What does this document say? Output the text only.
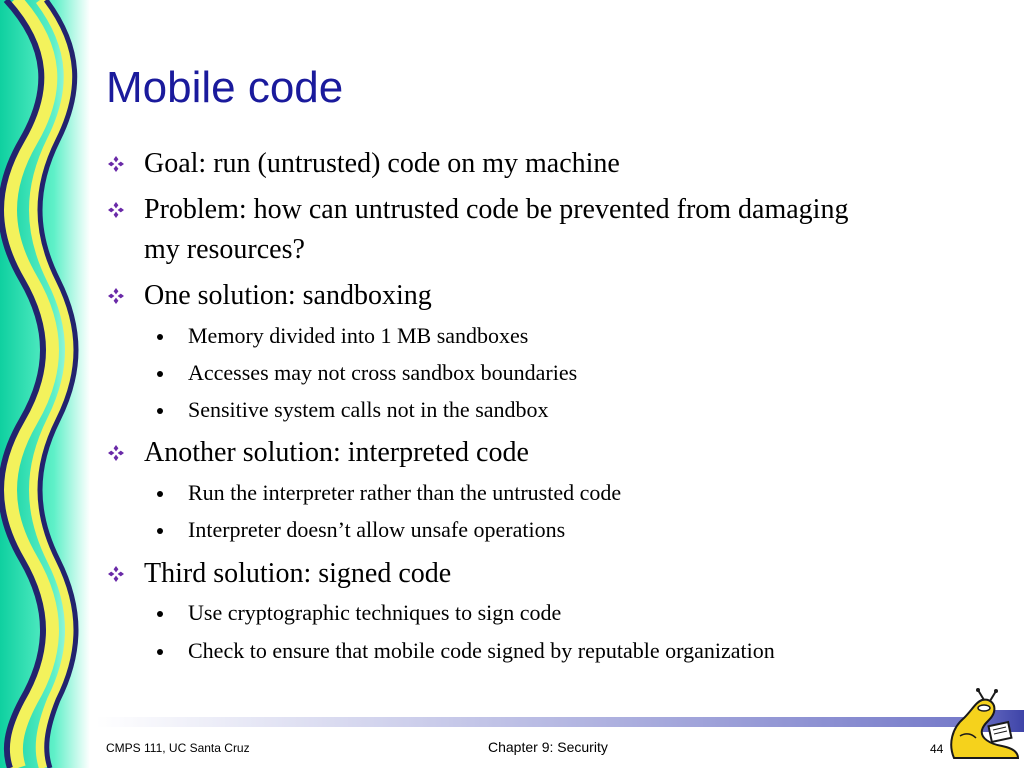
Mobile code
Goal: run (untrusted) code on my machine
Problem: how can untrusted code be prevented from damaging my resources?
One solution: sandboxing
Memory divided into 1 MB sandboxes
Accesses may not cross sandbox boundaries
Sensitive system calls not in the sandbox
Another solution: interpreted code
Run the interpreter rather than the untrusted code
Interpreter doesn’t allow unsafe operations
Third solution: signed code
Use cryptographic techniques to sign code
Check to ensure that mobile code signed by reputable organization
CMPS 111, UC Santa Cruz	Chapter 9: Security	44
